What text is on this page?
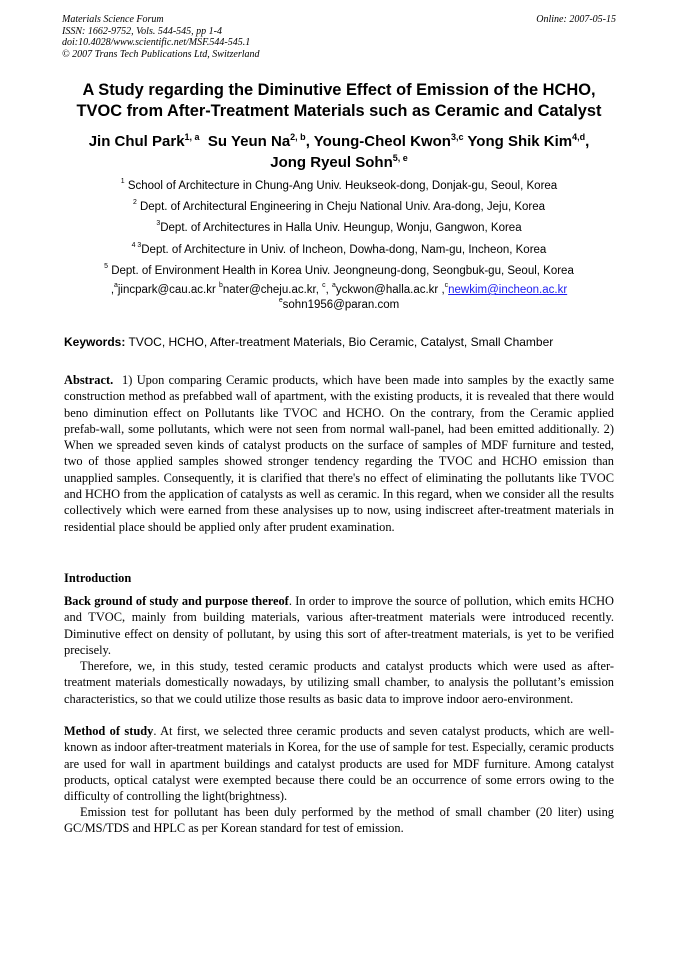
Materials Science Forum
ISSN: 1662-9752, Vols. 544-545, pp 1-4
doi:10.4028/www.scientific.net/MSF.544-545.1
© 2007 Trans Tech Publications Ltd, Switzerland
Online: 2007-05-15
A Study regarding the Diminutive Effect of Emission of the HCHO,
TVOC from After-Treatment Materials such as Ceramic and Catalyst
Jin Chul Park$^{1, a}$ Su Yeun Na$^{2, b}$, Young-Cheol Kwon$^{3,c}$ Yong Shik Kim$^{4,d}$,
Jong Ryeul Sohn$^{5, e}$
$^1$ School of Architecture in Chung-Ang Univ. Heukseok-dong, Donjak-gu, Seoul, Korea
$^2$ Dept. of Architectural Engineering in Cheju National Univ. Ara-dong, Jeju, Korea
$^3$Dept. of Architectures in Halla Univ. Heungup, Wonju, Gangwon, Korea
$^{4 3}$Dept. of Architecture in Univ. of Incheon, Dowha-dong, Nam-gu, Incheon, Korea
$^5$ Dept. of Environment Health in Korea Univ. Jeongneung-dong, Seongbuk-gu, Seoul, Korea
,$^a$jincpark@cau.ac.kr $^b$nater@cheju.ac.kr, $^c$, $^a$yckwon@halla.ac.kr ,$^c$newkim@incheon.ac.kr
$^e$sohn1956@paran.com
Keywords: TVOC, HCHO, After-treatment Materials, Bio Ceramic, Catalyst, Small Chamber
Abstract. 1) Upon comparing Ceramic products, which have been made into samples by the exactly same construction method as prefabbed wall of apartment, with the existing products, it is revealed that there would beno diminution effect on Pollutants like TVOC and HCHO. On the contrary, from the Ceramic applied prefab-wall, some pollutants, which were not seen from normal wall-panel, had been emitted additionally. 2) When we spreaded seven kinds of catalyst products on the surface of samples of MDF furniture and tested, two of those applied samples showed stronger tendency regarding the TVOC and HCHO emission than unapplied samples. Consequently, it is clarified that there's no effect of eliminating the pollutants like TVOC and HCHO from the application of catalysts as well as ceramic. In this regard, when we consider all the results collectively which were earned from these analysises up to now, using indiscreet after-treatment materials in residential place should be applied only after prudent examination.
Introduction
Back ground of study and purpose thereof. In order to improve the source of pollution, which emits HCHO and TVOC, mainly from building materials, various after-treatment materials were introduced recently. Diminutive effect on density of pollutant, by using this sort of after-treatment materials, is yet to be verified precisely.
Therefore, we, in this study, tested ceramic products and catalyst products which were used as after-treatment materials domestically nowadays, by utilizing small chamber, to analysis the pollutant’s emission characteristics, so that we could utilize those results as basic data to improve indoor aero-environment.
Method of study. At first, we selected three ceramic products and seven catalyst products, which are well-known as indoor after-treatment materials in Korea, for the use of sample for test. Especially, ceramic products are used for wall in apartment buildings and catalyst products are used for MDF furniture. Among catalyst products, optical catalyst were exempted because there could be an occurrence of some errors owing to the difficulty of controlling the light(brightness).
Emission test for pollutant has been duly performed by the method of small chamber (20 liter) using GC/MS/TDS and HPLC as per Korean standard for test of emission.
